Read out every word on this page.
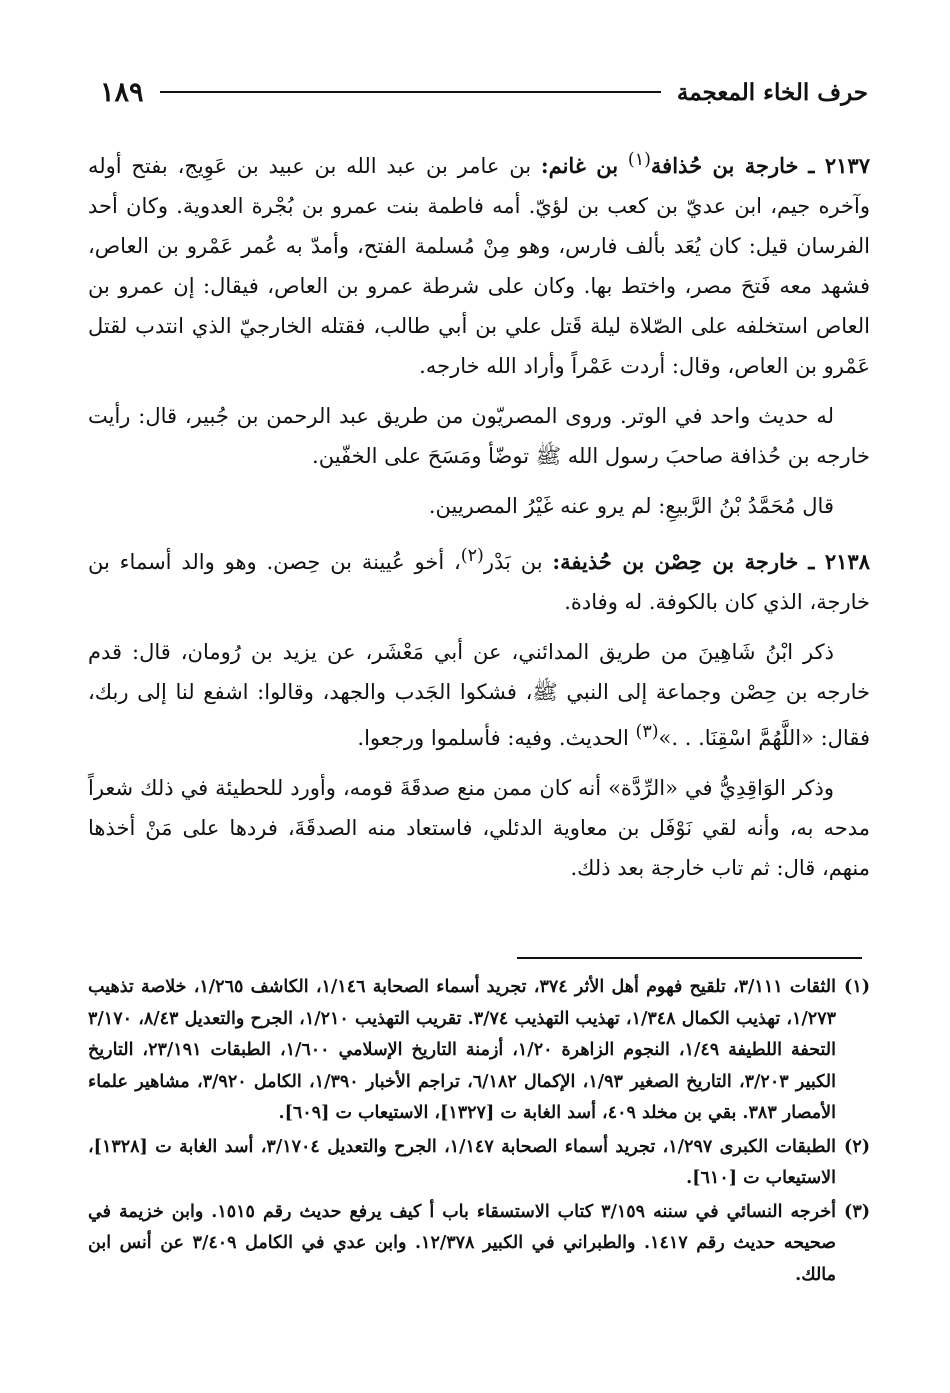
حرف الخاء المعجمة
١٨٩

٢١٣٧ ـ خارجة بن حُذافة$^{(١)}$ بن غانم: بن عامر بن عبد الله بن عبيد بن عَوِيج، بفتح أوله وآخره جيم، ابن عديّ بن كعب بن لؤيّ. أمه فاطمة بنت عمرو بن بُجْرة العدوية. وكان أحد الفرسان قيل: كان يُعَد بألف فارس، وهو مِنْ مُسلمة الفتح، وأمدّ به عُمر عَمْرو بن العاص، فشهد معه فَتحَ مصر، واختط بها. وكان على شرطة عمرو بن العاص، فيقال: إن عمرو بن العاص استخلفه على الصّلاة ليلة قَتل علي بن أبي طالب، فقتله الخارجيّ الذي انتدب لقتل عَمْرو بن العاص، وقال: أردت عَمْراً وأراد الله خارجه.

له حديث واحد في الوتر. وروى المصريّون من طريق عبد الرحمن بن جُبير، قال: رأيت خارجه بن حُذافة صاحبَ رسول الله ﷺ توضّأ ومَسَحَ على الخفّين.

قال مُحَمَّدُ بْنُ الرَّبيعِ: لم يرو عنه غَيْرُ المصريين.

٢١٣٨ ـ خارجة بن حِصْن بن حُذيفة: بن بَدْر$^{(٢)}$، أخو عُيينة بن حِصن. وهو والد أسماء بن خارجة، الذي كان بالكوفة. له وفادة.

ذكر ابْنُ شَاهِينَ من طريق المدائني، عن أبي مَعْشَر، عن يزيد بن رُومان، قال: قدم خارجه بن حِصْن وجماعة إلى النبي ﷺ، فشكوا الجَدب والجهد، وقالوا: اشفع لنا إلى ربك، فقال: «اللَّهُمَّ اسْقِنَا. . .»$^{(٣)}$ الحديث. وفيه: فأسلموا ورجعوا.

وذكر الوَاقِدِيُّ في «الرِّدَّة» أنه كان ممن منع صدقَةَ قومه، وأورد للحطيئة في ذلك شعراً مدحه به، وأنه لقي نَوْفَل بن معاوية الدئلي، فاستعاد منه الصدقَةَ، فردها على مَنْ أخذها منهم، قال: ثم تاب خارجة بعد ذلك.

(١)الثقات ٣/١١١، تلقيح فهوم أهل الأثر ٣٧٤، تجريد أسماء الصحابة ١/١٤٦، الكاشف ١/٢٦٥، خلاصة تذهيب ١/٢٧٣، تهذيب الكمال ١/٣٤٨، تهذيب التهذيب ٣/٧٤. تقريب التهذيب ١/٢١٠، الجرح والتعديل ٨/٤٣، ٣/١٧٠ التحفة اللطيفة ١/٤٩، النجوم الزاهرة ١/٢٠، أزمنة التاريخ الإسلامي ١/٦٠٠، الطبقات ٢٣/١٩١، التاريخ الكبير ٣/٢٠٣، التاريخ الصغير ١/٩٣، الإكمال ٦/١٨٢، تراجم الأخبار ١/٣٩٠، الكامل ٣/٩٢٠، مشاهير علماء الأمصار ٣٨٣. بقي بن مخلد ٤٠٩، أسد الغابة ت [١٣٢٧]، الاستيعاب ت [٦٠٩].

(٢)الطبقات الكبرى ١/٢٩٧، تجريد أسماء الصحابة ١/١٤٧، الجرح والتعديل ٣/١٧٠٤، أسد الغابة ت [١٣٢٨]، الاستيعاب ت [٦١٠].

(٣)أخرجه النسائي في سننه ٣/١٥٩ كتاب الاستسقاء باب أ كيف يرفع حديث رقم ١٥١٥. وابن خزيمة في صحيحه حديث رقم ١٤١٧. والطبراني في الكبير ١٢/٣٧٨. وابن عدي في الكامل ٣/٤٠٩ عن أنس ابن مالك.
